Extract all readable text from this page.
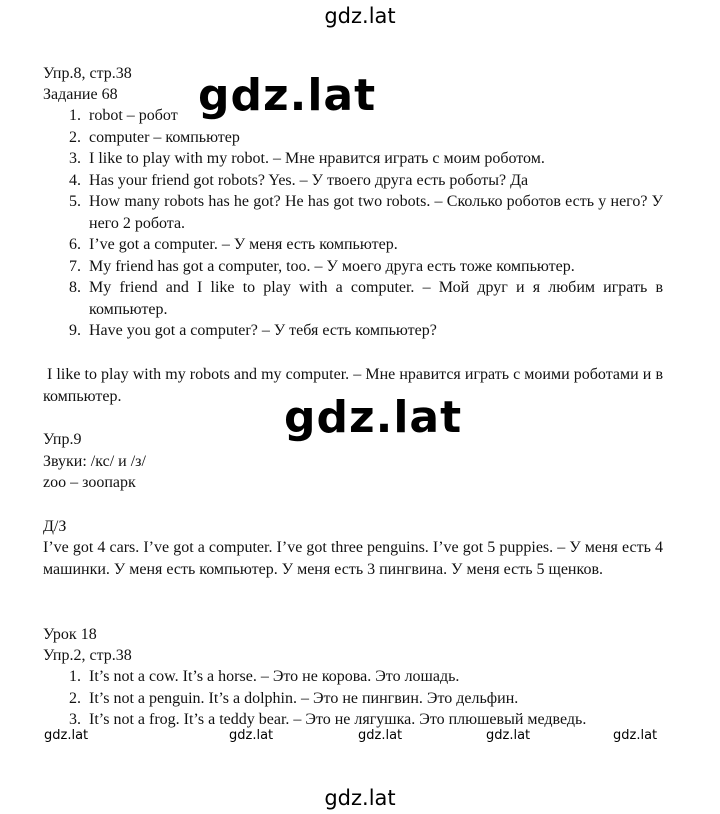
gdz.lat
gdz.lat
gdz.lat
gdz.lat	gdz.lat	gdz.lat	gdz.lat	gdz.lat
gdz.lat
Упр.8, стр.38
Задание 68
1. robot – робот
2. computer – компьютер
3. I like to play with my robot. – Мне нравится играть с моим роботом.
4. Has your friend got robots? Yes. – У твоего друга есть роботы? Да
5. How many robots has he got? He has got two robots. – Сколько роботов есть у него? У него 2 робота.
6. I’ve got a computer. – У меня есть компьютер.
7. My friend has got a computer, too. – У моего друга есть тоже компьютер.
8. My friend and I like to play with a computer. – Мой друг и я любим играть в компьютер.
9. Have you got a computer? – У тебя есть компьютер?
I like to play with my robots and my computer. – Мне нравится играть с моими роботами и в компьютер.
Упр.9
Звуки: /кс/ и /з/
zoo – зоопарк
Д/З
I’ve got 4 cars. I’ve got a computer. I’ve got three penguins. I’ve got 5 puppies. – У меня есть 4 машинки. У меня есть компьютер. У меня есть 3 пингвина. У меня есть 5 щенков.
Урок 18
Упр.2, стр.38
1. It’s not a cow. It’s a horse. – Это не корова. Это лошадь.
2. It’s not a penguin. It’s a dolphin. – Это не пингвин. Это дельфин.
3. It’s not a frog. It’s a teddy bear. – Это не лягушка. Это плюшевый медведь.
